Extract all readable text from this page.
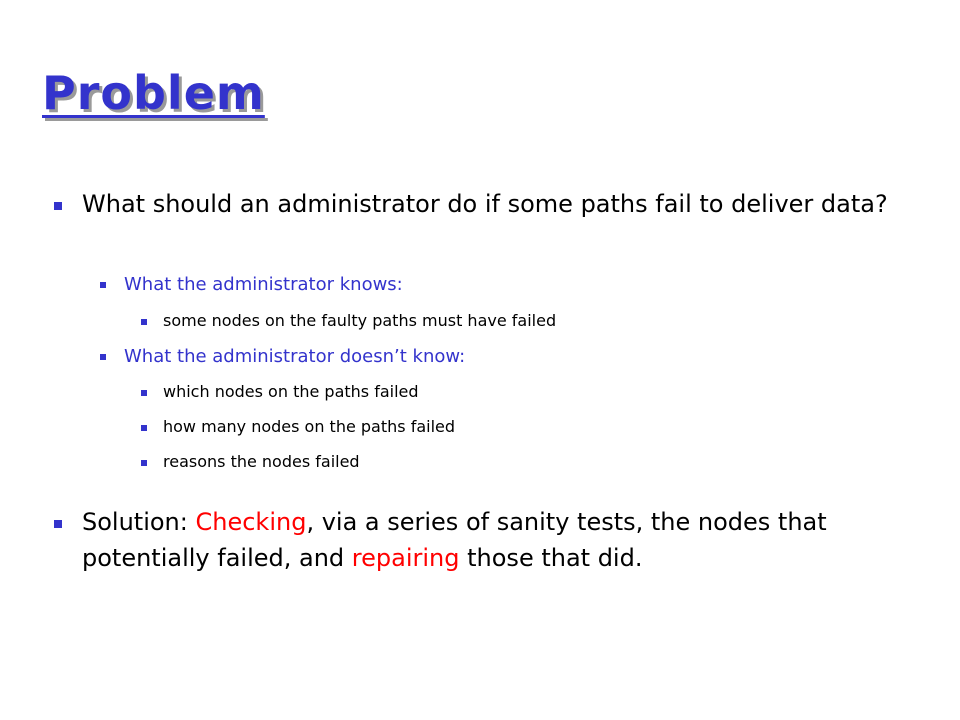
Problem

What should an administrator do if some paths fail to deliver data?

What the administrator knows:

some nodes on the faulty paths must have failed

What the administrator doesn’t know:

which nodes on the paths failed

how many nodes on the paths failed

reasons the nodes failed

Solution: Checking, via a series of sanity tests, the nodes that potentially failed, and repairing those that did.
